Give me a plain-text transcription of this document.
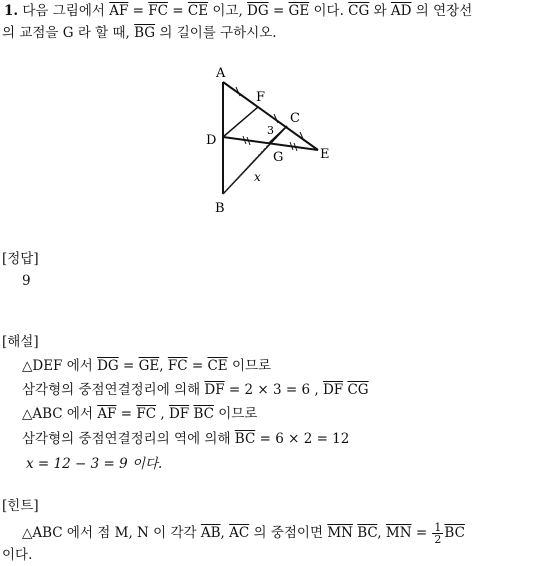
1. 다음 그림에서 $\overline{AF} = \overline{FC} = \overline{CE}$ 이고, $\overline{DG} = \overline{GE}$ 이다. $\overline{CG}$ 와 $\overline{AD}$ 의 연장선
의 교점을 G 라 할 때, $\overline{BG}$ 의 길이를 구하시오.
A
F
C
D
G	E
B
3
x
[정답]
9
[해설]
△DEF 에서 $\overline{DG} = \overline{GE}$, $\overline{FC} = \overline{CE}$ 이므로
삼각형의 중점연결정리에 의해 $\overline{DF} = 2 \times 3 = 6$ , $\overline{DF}$ $\overline{CG}$
△ABC 에서 $\overline{AF} = \overline{FC}$ , $\overline{DF}$ $\overline{BC}$ 이므로
삼각형의 중점연결정리의 역에 의해 $\overline{BC} = 6 \times 2 = 12$
x = 12 − 3 = 9 이다.
[힌트]
△ABC 에서 점 M, N 이 각각 $\overline{AB}$, $\overline{AC}$ 의 중점이면 $\overline{MN}$ $\overline{BC}$, $\overline{MN} = \frac{1}{2} \overline{BC}$
이다.
